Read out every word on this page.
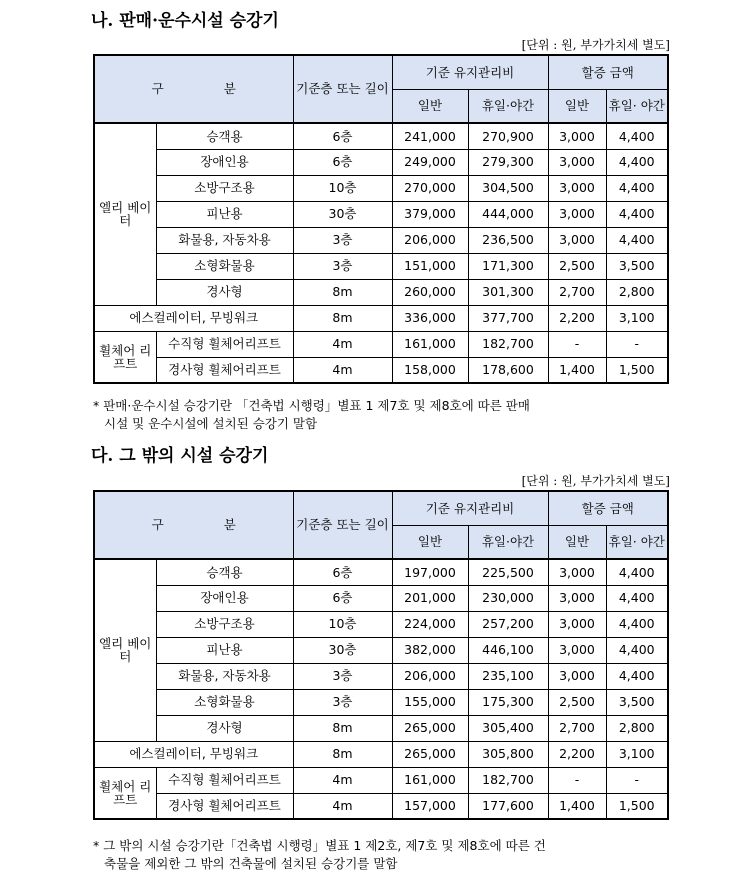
나. 판매·운수시설 승강기
[단위 : 원, 부가가치세 별도]
구 분		기준층 또는 길이	기준 유지관리비		할증 금액	
			일반	휴일·야간	일반	휴일· 야간
엘리 베이터	승객용	6층	241,000	270,900	3,000	4,400
	장애인용	6층	249,000	279,300	3,000	4,400
	소방구조용	10층	270,000	304,500	3,000	4,400
	피난용	30층	379,000	444,000	3,000	4,400
	화물용, 자동차용	3층	206,000	236,500	3,000	4,400
	소형화물용	3층	151,000	171,300	2,500	3,500
	경사형	8m	260,000	301,300	2,700	2,800
에스컬레이터, 무빙워크		8m	336,000	377,700	2,200	3,100
휠체어 리프트	수직형 휠체어리프트	4m	161,000	182,700	-	-
	경사형 휠체어리프트	4m	158,000	178,600	1,400	1,500
* 판매·운수시설 승강기란 「건축법 시행령」별표 1 제7호 및 제8호에 따른 판매
시설 및 운수시설에 설치된 승강기 말함
다. 그 밖의 시설 승강기
[단위 : 원, 부가가치세 별도]
구 분		기준층 또는 길이	기준 유지관리비		할증 금액	
			일반	휴일·야간	일반	휴일· 야간
엘리 베이터	승객용	6층	197,000	225,500	3,000	4,400
	장애인용	6층	201,000	230,000	3,000	4,400
	소방구조용	10층	224,000	257,200	3,000	4,400
	피난용	30층	382,000	446,100	3,000	4,400
	화물용, 자동차용	3층	206,000	235,100	3,000	4,400
	소형화물용	3층	155,000	175,300	2,500	3,500
	경사형	8m	265,000	305,400	2,700	2,800
에스컬레이터, 무빙워크		8m	265,000	305,800	2,200	3,100
휠체어 리프트	수직형 휠체어리프트	4m	161,000	182,700	-	-
	경사형 휠체어리프트	4m	157,000	177,600	1,400	1,500
* 그 밖의 시설 승강기란「건축법 시행령」별표 1 제2호, 제7호 및 제8호에 따른 건
축물을 제외한 그 밖의 건축물에 설치된 승강기를 말함
